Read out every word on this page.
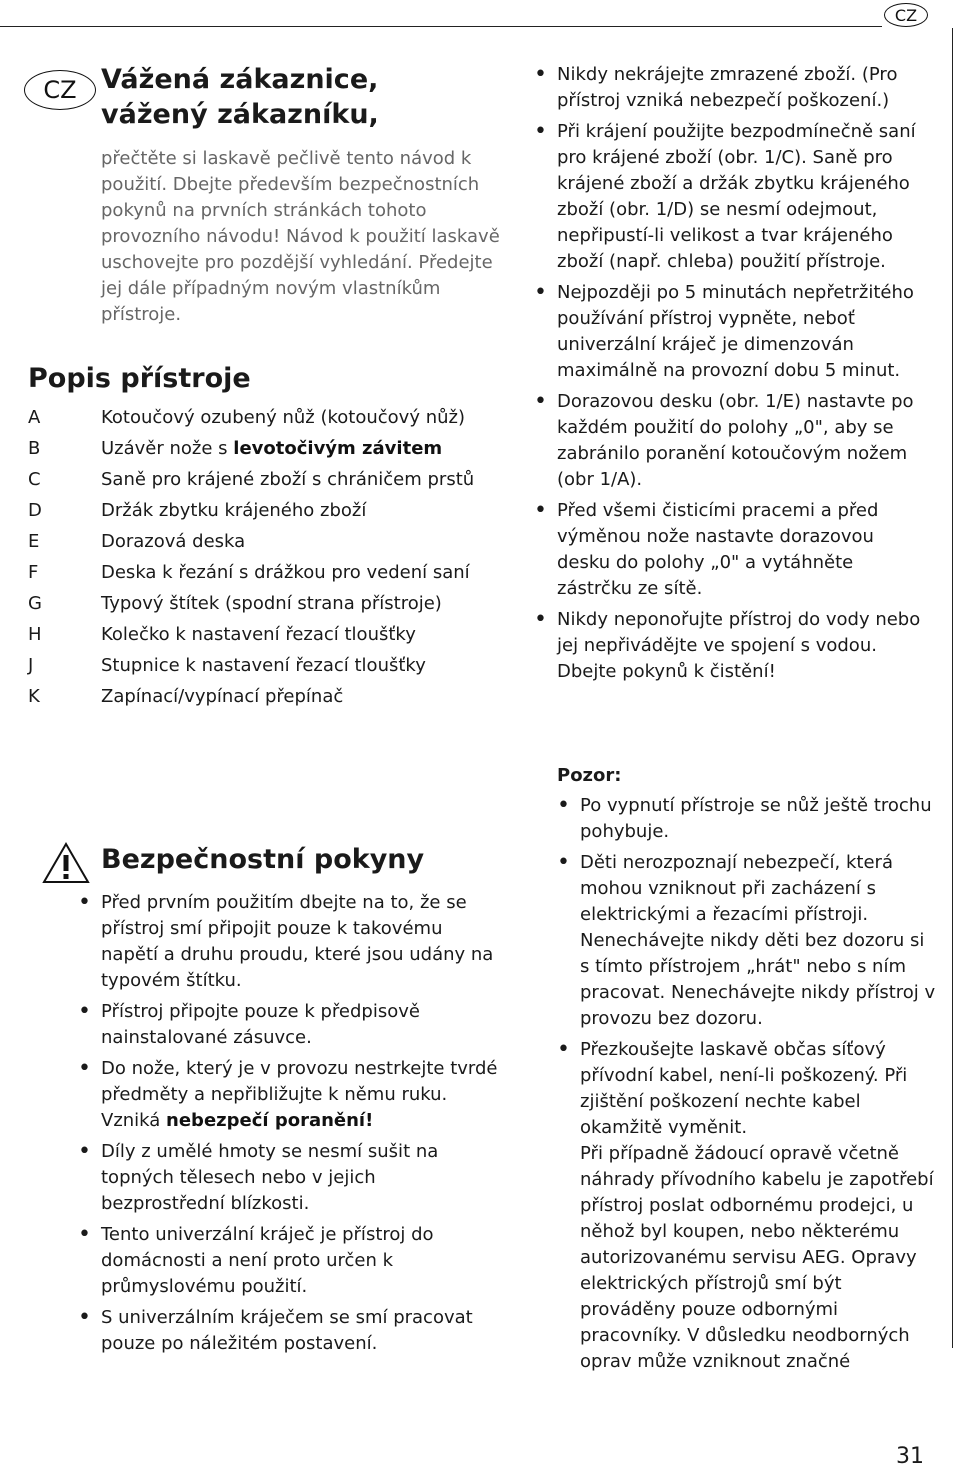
CZ
CZ Vážená zákaznice,
vážený zákazníku,

přečtěte si laskavě pečlivě tento návod k použití. Dbejte především bezpečnostních pokynů na prvních stránkách tohoto provozního návodu! Návod k použití laskavě uschovejte pro pozdější vyhledání. Předejte jej dále případným novým vlastníkům přístroje.

Popis přístroje
A	Kotoučový ozubený nůž (kotoučový nůž)
B	Uzávěr nože s levotočivým závitem
C	Saně pro krájené zboží s chráničem prstů
D	Držák zbytku krájeného zboží
E	Dorazová deska
F	Deska k řezání s drážkou pro vedení saní
G	Typový štítek (spodní strana přístroje)
H	Kolečko k nastavení řezací tloušťky
J	Stupnice k nastavení řezací tloušťky
K	Zapínací/vypínací přepínač
Bezpečnostní pokyny
• Před prvním použitím dbejte na to, že se přístroj smí připojit pouze k takovému napětí a druhu proudu, které jsou udány na typovém štítku.
• Přístroj připojte pouze k předpisově nainstalované zásuvce.
• Do nože, který je v provozu nestrkejte tvrdé předměty a nepřibližujte k němu ruku. Vzniká nebezpečí poranění!
• Díly z umělé hmoty se nesmí sušit na topných tělesech nebo v jejich bezprostřední blízkosti.
• Tento univerzální kráječ je přístroj do domácnosti a není proto určen k průmyslovému použití.
• S univerzálním kráječem se smí pracovat pouze po náležitém postavení.
• Nikdy nekrájejte zmrazené zboží. (Pro přístroj vzniká nebezpečí poškození.)
• Při krájení použijte bezpodmínečně saní pro krájené zboží (obr. 1/C). Saně pro krájené zboží a držák zbytku krájeného zboží (obr. 1/D) se nesmí odejmout, nepřipustí-li velikost a tvar krájeného zboží (např. chleba) použití přístroje.
• Nejpozději po 5 minutách nepřetržitého používání přístroj vypněte, neboť univerzální kráječ je dimenzován maximálně na provozní dobu 5 minut.
• Dorazovou desku (obr. 1/E) nastavte po každém použití do polohy „0", aby se zabránilo poranění kotoučovým nožem (obr 1/A).
• Před všemi čisticími pracemi a před výměnou nože nastavte dorazovou desku do polohy „0" a vytáhněte zástrčku ze sítě.
• Nikdy neponořujte přístroj do vody nebo jej nepřivádějte ve spojení s vodou. Dbejte pokynů k čistění!

Pozor:

• Po vypnutí přístroje se nůž ještě trochu pohybuje.

• Děti nerozpoznají nebezpečí, která mohou vzniknout při zacházení s elektrickými a řezacími přístroji.

Nenechávejte nikdy děti bez dozoru si s tímto přístrojem „hrát" nebo s ním pracovat. Nenechávejte nikdy přístroj v provozu bez dozoru.

• Přezkoušejte laskavě občas síťový přívodní kabel, není-li poškozený. Při zjištění poškození nechte kabel okamžitě vyměnit.

Při případně žádoucí opravě včetně náhrady přívodního kabelu je zapotřebí přístroj poslat odbornému prodejci, u něhož byl koupen, nebo některému autorizovanému servisu AEG. Opravy elektrických přístrojů smí být prováděny pouze odbornými pracovníky. V důsledku neodborných oprav může vzniknout značné

31
